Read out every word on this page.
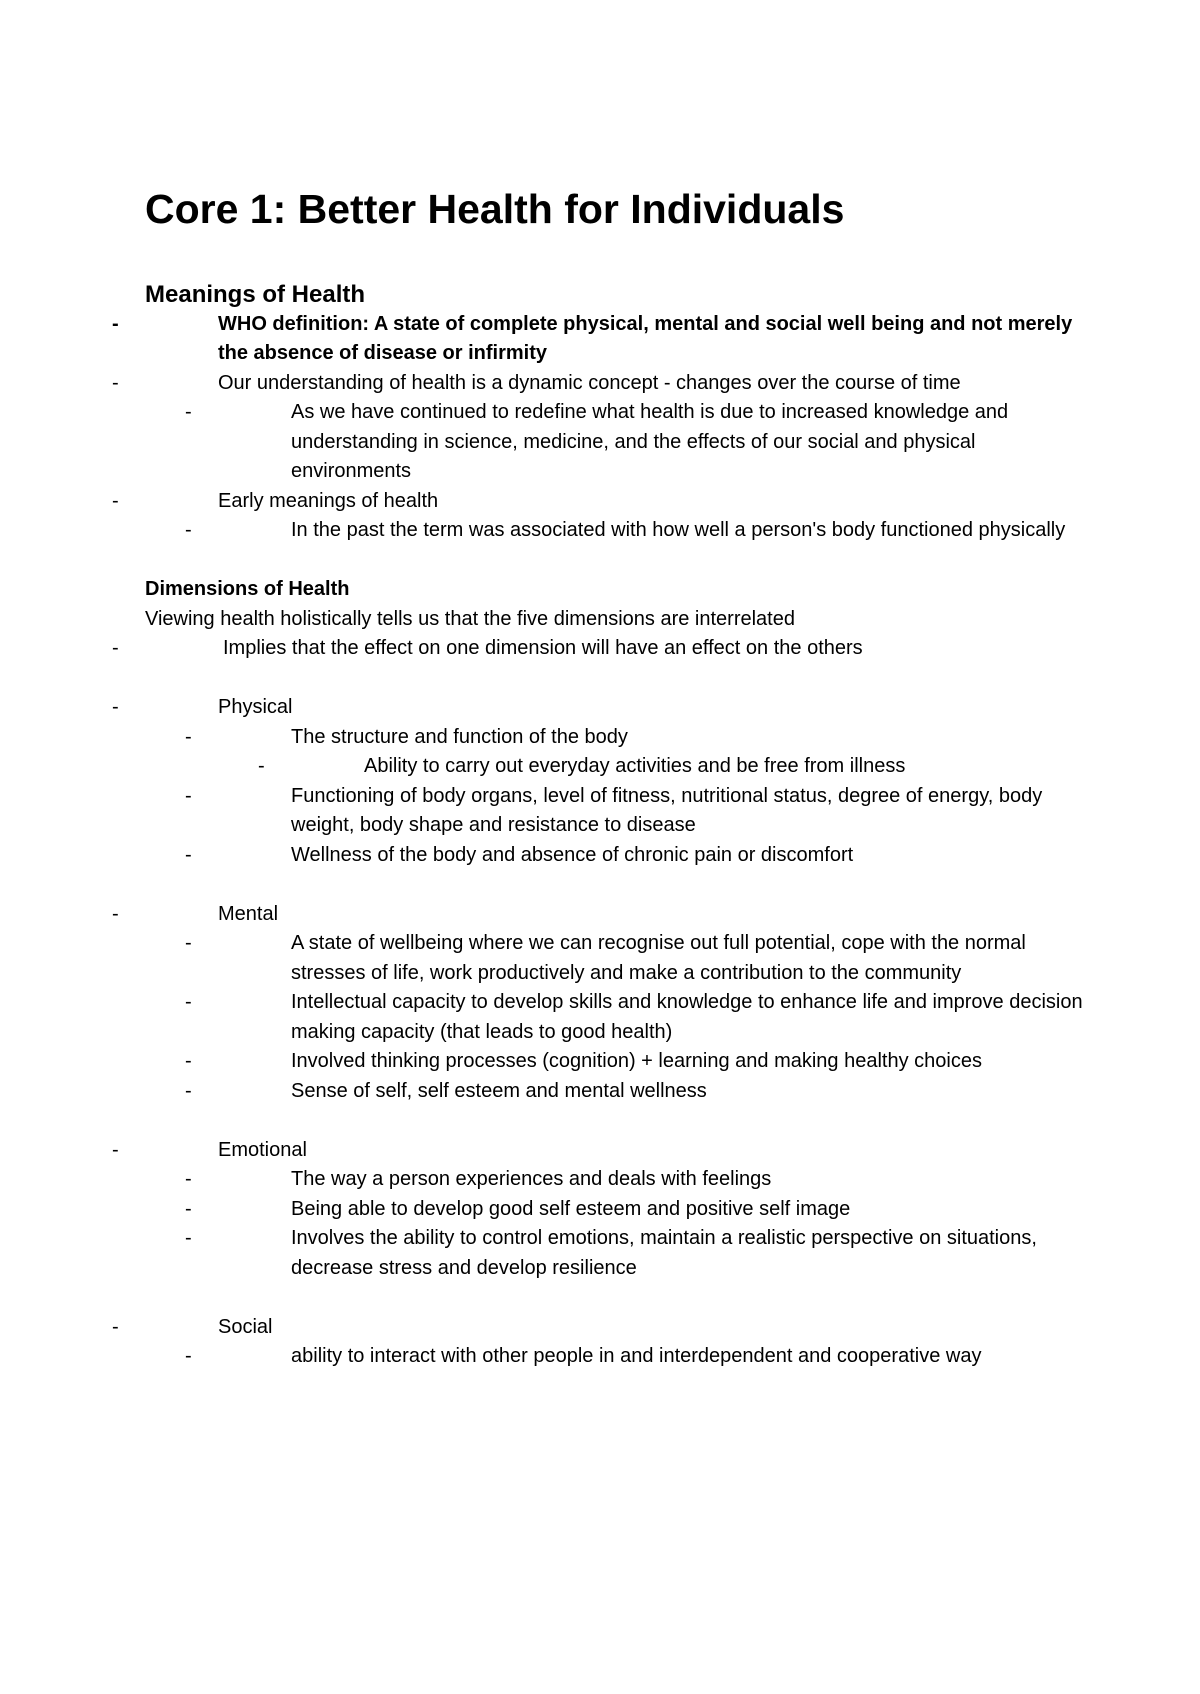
Core 1: Better Health for Individuals
Meanings of Health
-	WHO definition: A state of complete physical, mental and social well being and not merely the absence of disease or infirmity
-	Our understanding of health is a dynamic concept - changes over the course of time
-	As we have continued to redefine what health is due to increased knowledge and understanding in science, medicine, and the effects of our social and physical environments
-	Early meanings of health
-	In the past the term was associated with how well a person's body functioned physically
Dimensions of Health

Viewing health holistically tells us that the five dimensions are interrelated

-	Implies that the effect on one dimension will have an effect on the others
-	Physical
-	The structure and function of the body
-	Ability to carry out everyday activities and be free from illness
-	Functioning of body organs, level of fitness, nutritional status, degree of energy, body weight, body shape and resistance to disease
-	Wellness of the body and absence of chronic pain or discomfort
-	Mental
-	A state of wellbeing where we can recognise out full potential, cope with the normal stresses of life, work productively and make a contribution to the community
-	Intellectual capacity to develop skills and knowledge to enhance life and improve decision making capacity (that leads to good health)
-	Involved thinking processes (cognition) + learning and making healthy choices
-	Sense of self, self esteem and mental wellness
-	Emotional
-	The way a person experiences and deals with feelings
-	Being able to develop good self esteem and positive self image
-	Involves the ability to control emotions, maintain a realistic perspective on situations, decrease stress and develop resilience
-	Social
-	ability to interact with other people in and interdependent and cooperative way
